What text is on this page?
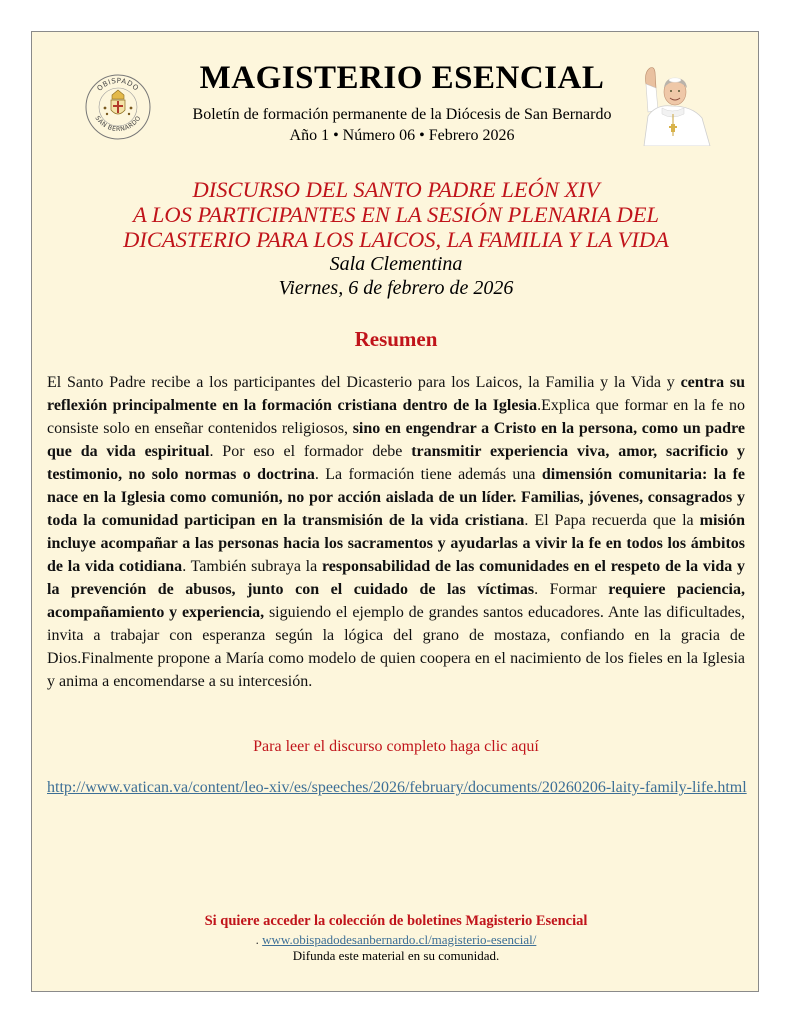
OBISPADO
SAN BERNARDO
MAGISTERIO ESENCIAL
Boletín de formación permanente de la Diócesis de San Bernardo
Año 1 • Número 06 • Febrero 2026
DISCURSO DEL SANTO PADRE LEÓN XIV
A LOS PARTICIPANTES EN LA SESIÓN PLENARIA DEL
DICASTERIO PARA LOS LAICOS, LA FAMILIA Y LA VIDA
Sala Clementina
Viernes, 6 de febrero de 2026
Resumen
El Santo Padre recibe a los participantes del Dicasterio para los Laicos, la Familia y la Vida y centra su reflexión principalmente en la formación cristiana dentro de la Iglesia.Explica que formar en la fe no consiste solo en enseñar contenidos religiosos, sino en engendrar a Cristo en la persona, como un padre que da vida espiritual. Por eso el formador debe transmitir experiencia viva, amor, sacrificio y testimonio, no solo normas o doctrina. La formación tiene además una dimensión comunitaria: la fe nace en la Iglesia como comunión, no por acción aislada de un líder. Familias, jóvenes, consagrados y toda la comunidad participan en la transmisión de la vida cristiana. El Papa recuerda que la misión incluye acompañar a las personas hacia los sacramentos y ayudarlas a vivir la fe en todos los ámbitos de la vida cotidiana. También subraya la responsabilidad de las comunidades en el respeto de la vida y la prevención de abusos, junto con el cuidado de las víctimas. Formar requiere paciencia, acompañamiento y experiencia, siguiendo el ejemplo de grandes santos educadores. Ante las dificultades, invita a trabajar con esperanza según la lógica del grano de mostaza, confiando en la gracia de Dios.Finalmente propone a María como modelo de quien coopera en el nacimiento de los fieles en la Iglesia y anima a encomendarse a su intercesión.
Para leer el discurso completo haga clic aquí
http://www.vatican.va/content/leo-xiv/es/speeches/2026/february/documents/20260206-laity-family-life.html
Si quiere acceder la colección de boletines Magisterio Esencial
. www.obispadodesanbernardo.cl/magisterio-esencial/
Difunda este material en su comunidad.
